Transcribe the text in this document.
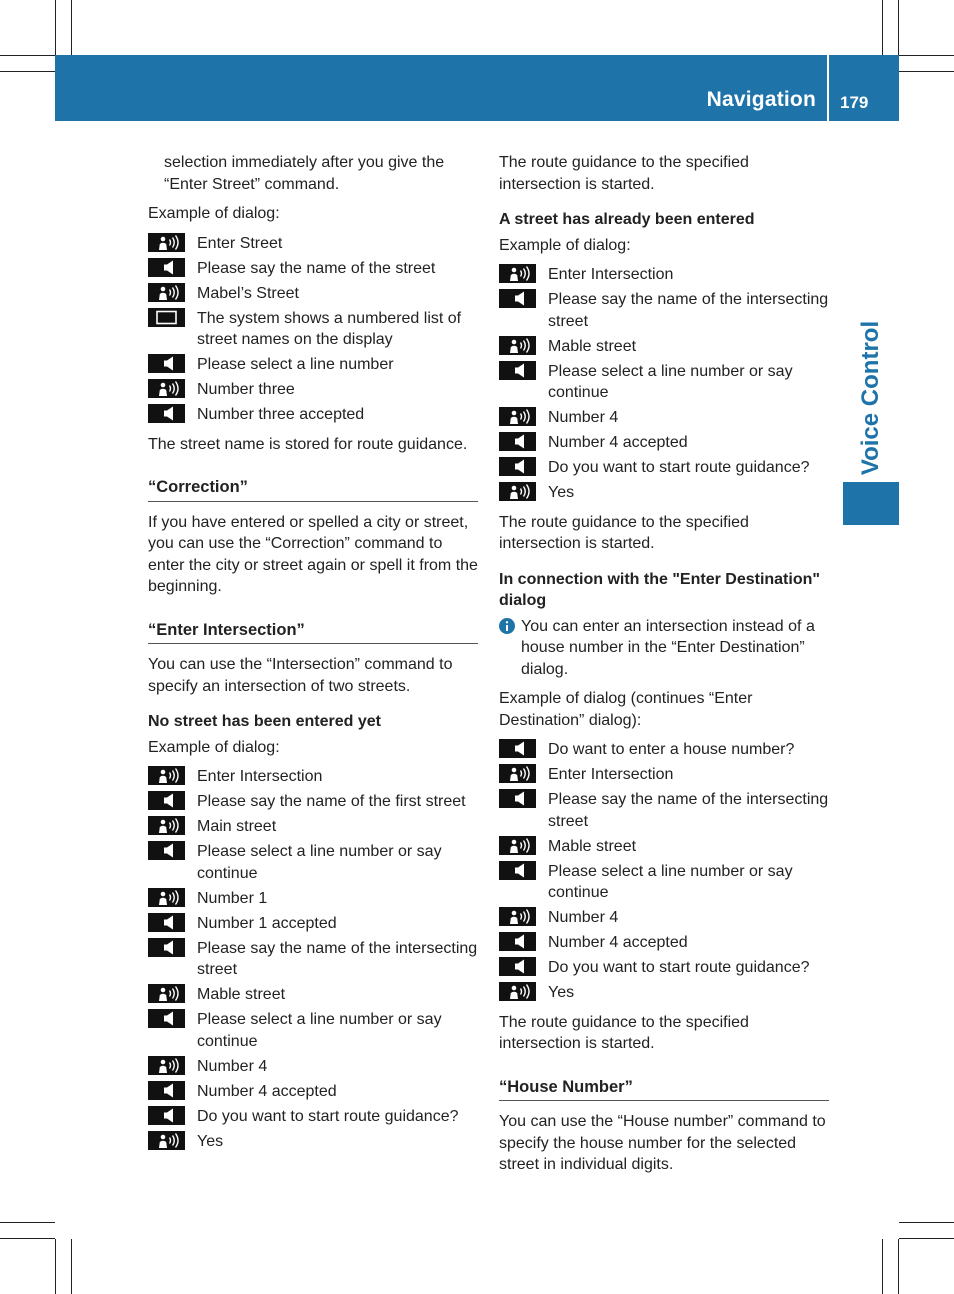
Navigation 179
Voice Control

selection immediately after you give the “Enter Street” command.

Example of dialog:

Enter Street
Please say the name of the street
Mabel’s Street
The system shows a numbered list of street names on the display
Please select a line number
Number three
Number three accepted

The street name is stored for route guidance.

“Correction”

If you have entered or spelled a city or street, you can use the “Correction” command to enter the city or street again or spell it from the beginning.

“Enter Intersection”

You can use the “Intersection” command to specify an intersection of two streets.

No street has been entered yet

Example of dialog:

Enter Intersection
Please say the name of the first street
Main street
Please select a line number or say continue
Number 1
Number 1 accepted
Please say the name of the intersecting street
Mable street
Please select a line number or say continue
Number 4
Number 4 accepted
Do you want to start route guidance?
Yes

The route guidance to the specified intersection is started.

A street has already been entered

Example of dialog:

Enter Intersection
Please say the name of the intersecting street
Mable street
Please select a line number or say continue
Number 4
Number 4 accepted
Do you want to start route guidance?
Yes

The route guidance to the specified intersection is started.

In connection with the "Enter Destination" dialog
You can enter an intersection instead of a house number in the “Enter Destination” dialog.

Example of dialog (continues “Enter Destination” dialog):

Do want to enter a house number?
Enter Intersection
Please say the name of the intersecting street
Mable street
Please select a line number or say continue
Number 4
Number 4 accepted
Do you want to start route guidance?
Yes

The route guidance to the specified intersection is started.

“House Number”

You can use the “House number” command to specify the house number for the selected street in individual digits.
